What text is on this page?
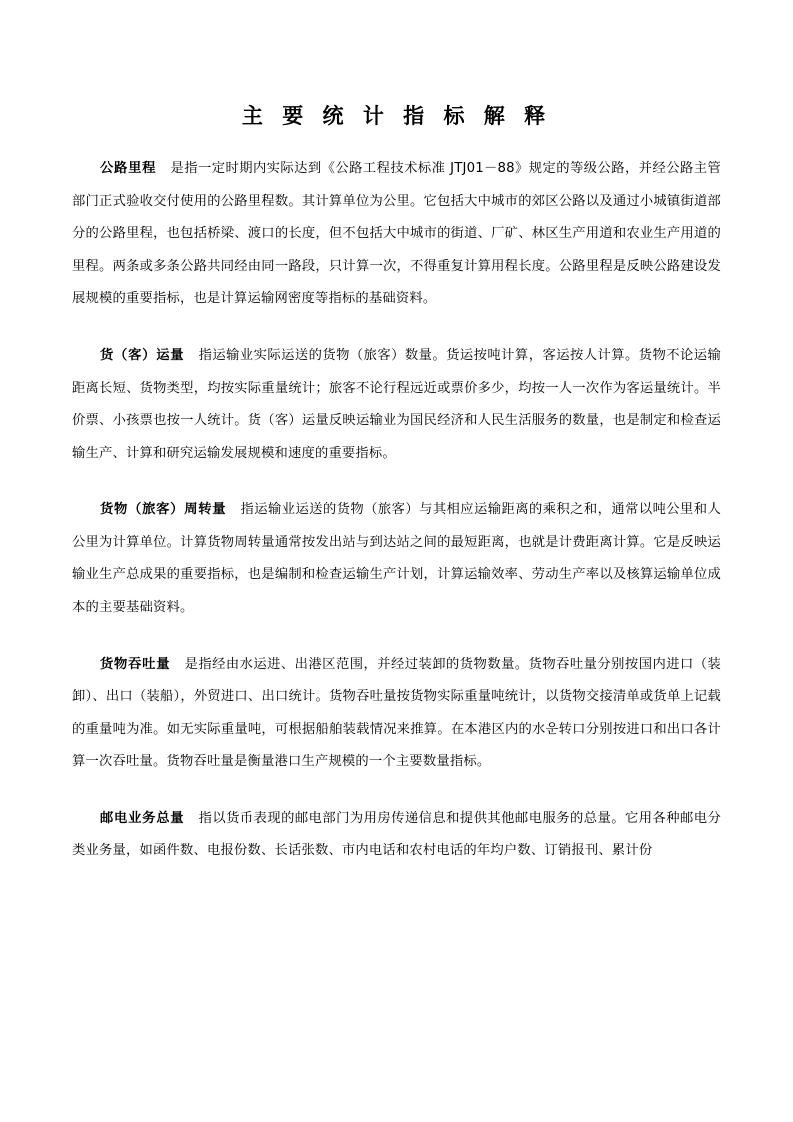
主 要 统 计 指 标 解 释

公路里程 是指一定时期内实际达到《公路工程技术标准 JTJ01－88》规定的等级公路，并经公路主管部门正式验收交付使用的公路里程数。其计算单位为公里。它包括大中城市的郊区公路以及通过小城镇街道部分的公路里程，也包括桥梁、渡口的长度，但不包括大中城市的街道、厂矿、林区生产用道和农业生产用道的里程。两条或多条公路共同经由同一路段，只计算一次，不得重复计算用程长度。公路里程是反映公路建设发展规模的重要指标，也是计算运输网密度等指标的基础资料。

货（客）运量 指运输业实际运送的货物（旅客）数量。货运按吨计算，客运按人计算。货物不论运输距离长短、货物类型，均按实际重量统计；旅客不论行程远近或票价多少，均按一人一次作为客运量统计。半价票、小孩票也按一人统计。货（客）运量反映运输业为国民经济和人民生活服务的数量，也是制定和检查运输生产、计算和研究运输发展规模和速度的重要指标。

货物（旅客）周转量 指运输业运送的货物（旅客）与其相应运输距离的乘积之和，通常以吨公里和人公里为计算单位。计算货物周转量通常按发出站与到达站之间的最短距离，也就是计费距离计算。它是反映运输业生产总成果的重要指标，也是编制和检查运输生产计划，计算运输效率、劳动生产率以及核算运输单位成本的主要基础资料。

货物吞吐量 是指经由水运进、出港区范围，并经过装卸的货物数量。货物吞吐量分别按国内进口（装卸）、出口（装船），外贸进口、出口统计。货物吞吐量按货物实际重量吨统计，以货物交接清单或货单上记载的重量吨为准。如无实际重量吨，可根据船舶装载情况来推算。在本港区内的水운转口分别按进口和出口各计算一次吞吐量。货物吞吐量是衡量港口生产规模的一个主要数量指标。

邮电业务总量 指以货币表现的邮电部门为用房传递信息和提供其他邮电服务的总量。它用各种邮电分类业务量，如函件数、电报份数、长话张数、市内电话和农村电话的年均户数、订销报刊、累计份
